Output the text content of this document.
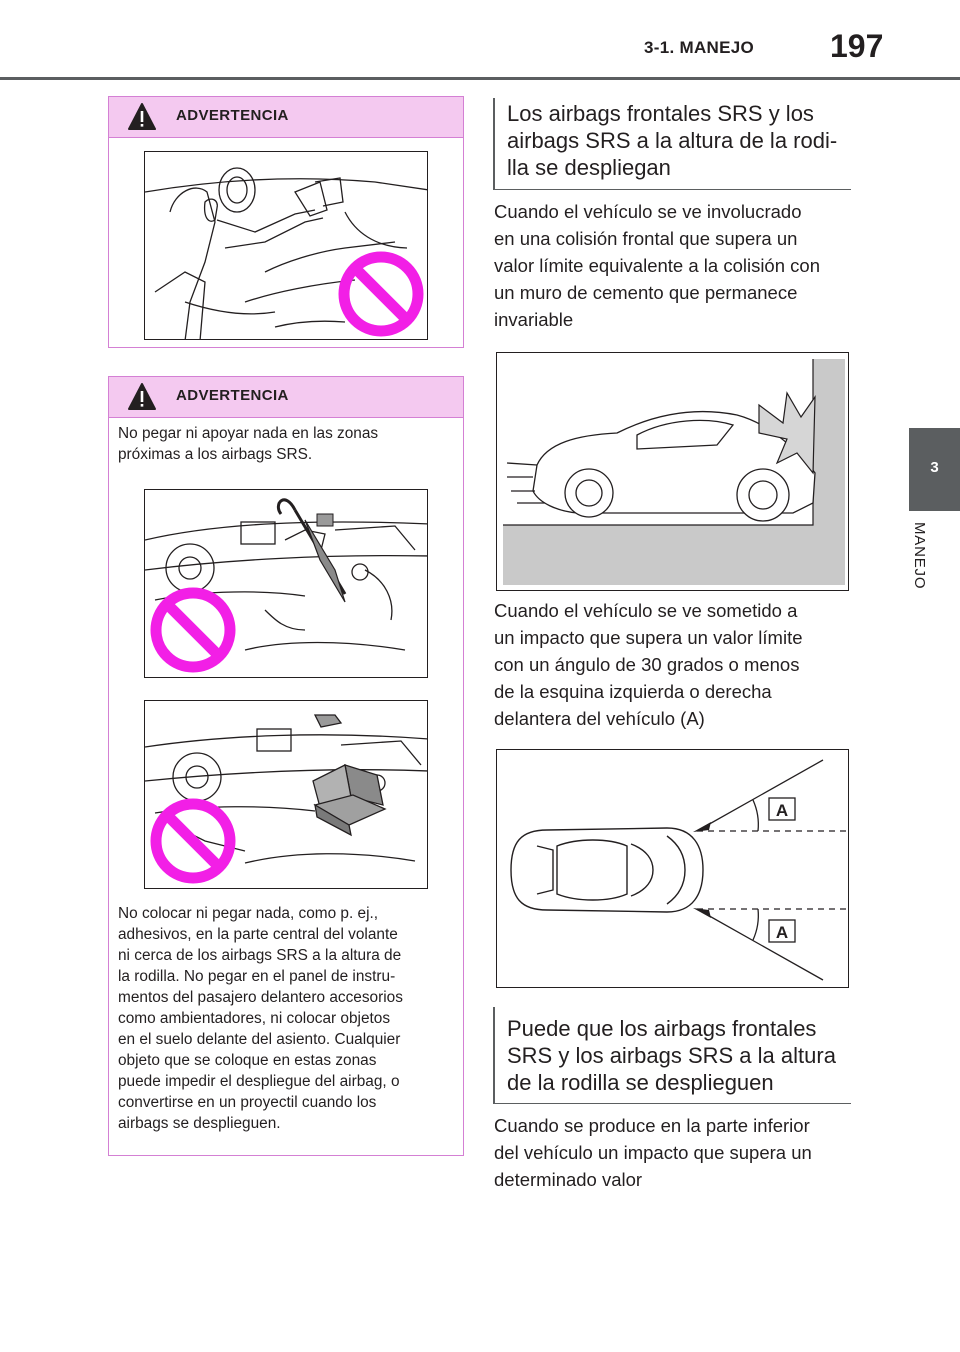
3-1. MANEJO 197
3
MANEJO
ADVERTENCIA
ADVERTENCIA
No pegar ni apoyar nada en las zonas
próximas a los airbags SRS.
No colocar ni pegar nada, como p. ej.,
adhesivos, en la parte central del volante
ni cerca de los airbags SRS a la altura de
la rodilla. No pegar en el panel de instru-
mentos del pasajero delantero accesorios
como ambientadores, ni colocar objetos
en el suelo delante del asiento. Cualquier
objeto que se coloque en estas zonas
puede impedir el despliegue del airbag, o
convertirse en un proyectil cuando los
airbags se desplieguen.
Los airbags frontales SRS y los
airbags SRS a la altura de la rodi-
lla se despliegan
Cuando el vehículo se ve involucrado
en una colisión frontal que supera un
valor límite equivalente a la colisión con
un muro de cemento que permanece
invariable
Cuando el vehículo se ve sometido a
un impacto que supera un valor límite
con un ángulo de 30 grados o menos
de la esquina izquierda o derecha
delantera del vehículo (A)
A
A
Puede que los airbags frontales
SRS y los airbags SRS a la altura
de la rodilla se desplieguen
Cuando se produce en la parte inferior
del vehículo un impacto que supera un
determinado valor
